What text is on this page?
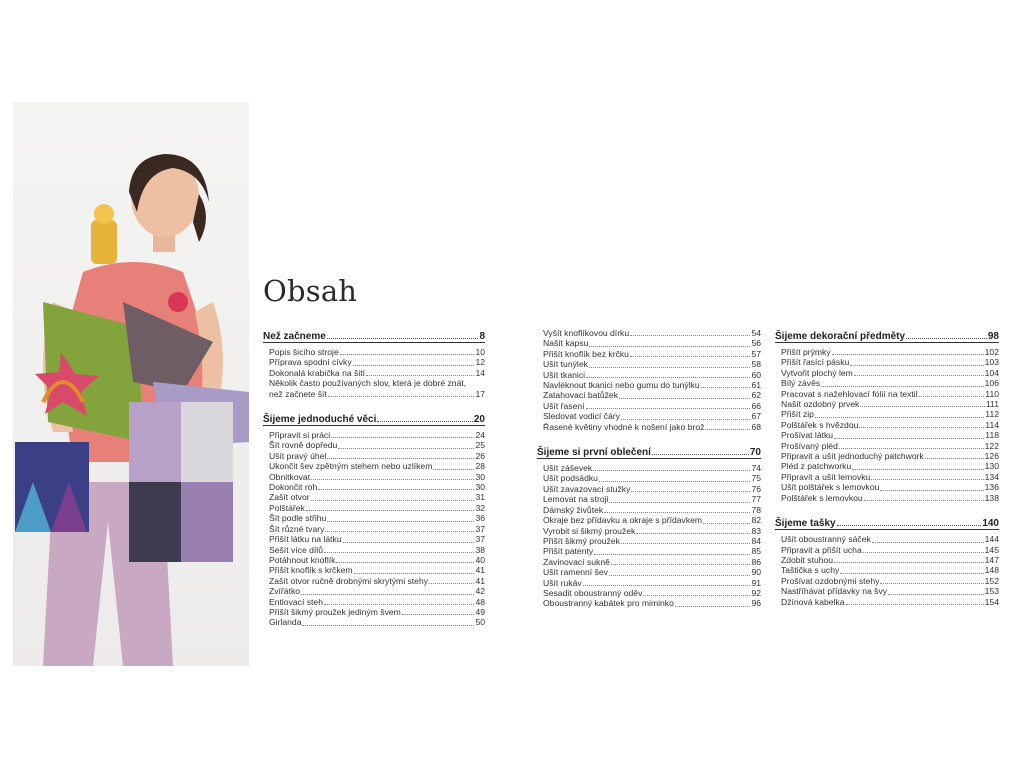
Obsah
Než začneme	8
Popis šicího stroje	10
Příprava spodní cívky	12
Dokonalá krabička na šití	14
Několik často používaných slov, která je dobré znát,
než začnete šít	17
Šijeme jednoduché věci	20
Připravit si práci	24
Šít rovně dopředu	25
Ušít pravý úhel	26
Ukončit šev zpětným stehem nebo uzlíkem	28
Obnitkovat	30
Dokončit roh	30
Zašít otvor	31
Polštářek	32
Šít podle střihu	36
Šít různé tvary	37
Přišít látku na látku	37
Sešít více dílů	38
Potáhnout knoflík	40
Přišít knoflík s krčkem	41
Zašít otvor ručně drobnými skrytými stehy	41
Zvířátko	42
Entlovací steh	48
Přišít šikmý proužek jediným švem	49
Girlanda	50
Vyšít knoflíkovou dírku	54
Našít kapsu	56
Přišít knoflík bez krčku	57
Ušít tunýlek	58
Ušít tkanici	60
Navléknout tkanici nebo gumu do tunýlku	61
Zatahovací batůžek	62
Ušít řasení	66
Sledovat vodicí čáry	67
Řasené květiny vhodné k nošení jako brož	68
Šijeme si první oblečení	70
Ušít záševek	74
Ušít podsádku	75
Ušít zavazovací stužky	76
Lemovat na stroji	77
Dámský živůtek	78
Okraje bez přídavku a okraje s přídavkem	82
Vyrobit si šikmý proužek	83
Přišít šikmý proužek	84
Přišít patenty	85
Zavinovací sukně	86
Ušít ramenní šev	90
Ušít rukáv	91
Sesadit oboustranný oděv	92
Oboustranný kabátek pro miminko	96
Šijeme dekorační předměty	98
Přišít prýmky	102
Přišít řasící pásku	103
Vytvořit plochý lem	104
Bílý závěs	106
Pracovat s nažehlovací fólií na textil	110
Našít ozdobný prvek	111
Přišít zip	112
Polštářek s hvězdou	114
Prošívat látku	118
Prošívaný pléd	122
Připravit a ušít jednoduchý patchwork	126
Pléd z patchworku	130
Připravit a ušít lemovku	134
Ušít polštářek s lemovkou	136
Polštářek s lemovkou	138
Šijeme tašky	140
Ušít oboustranný sáček	144
Připravit a přišít ucha	145
Zdobit stuhou	147
Taštička s uchy	148
Prošívat ozdobnými stehy	152
Nastříhávat přídavky na švy	153
Džínová kabelka	154
